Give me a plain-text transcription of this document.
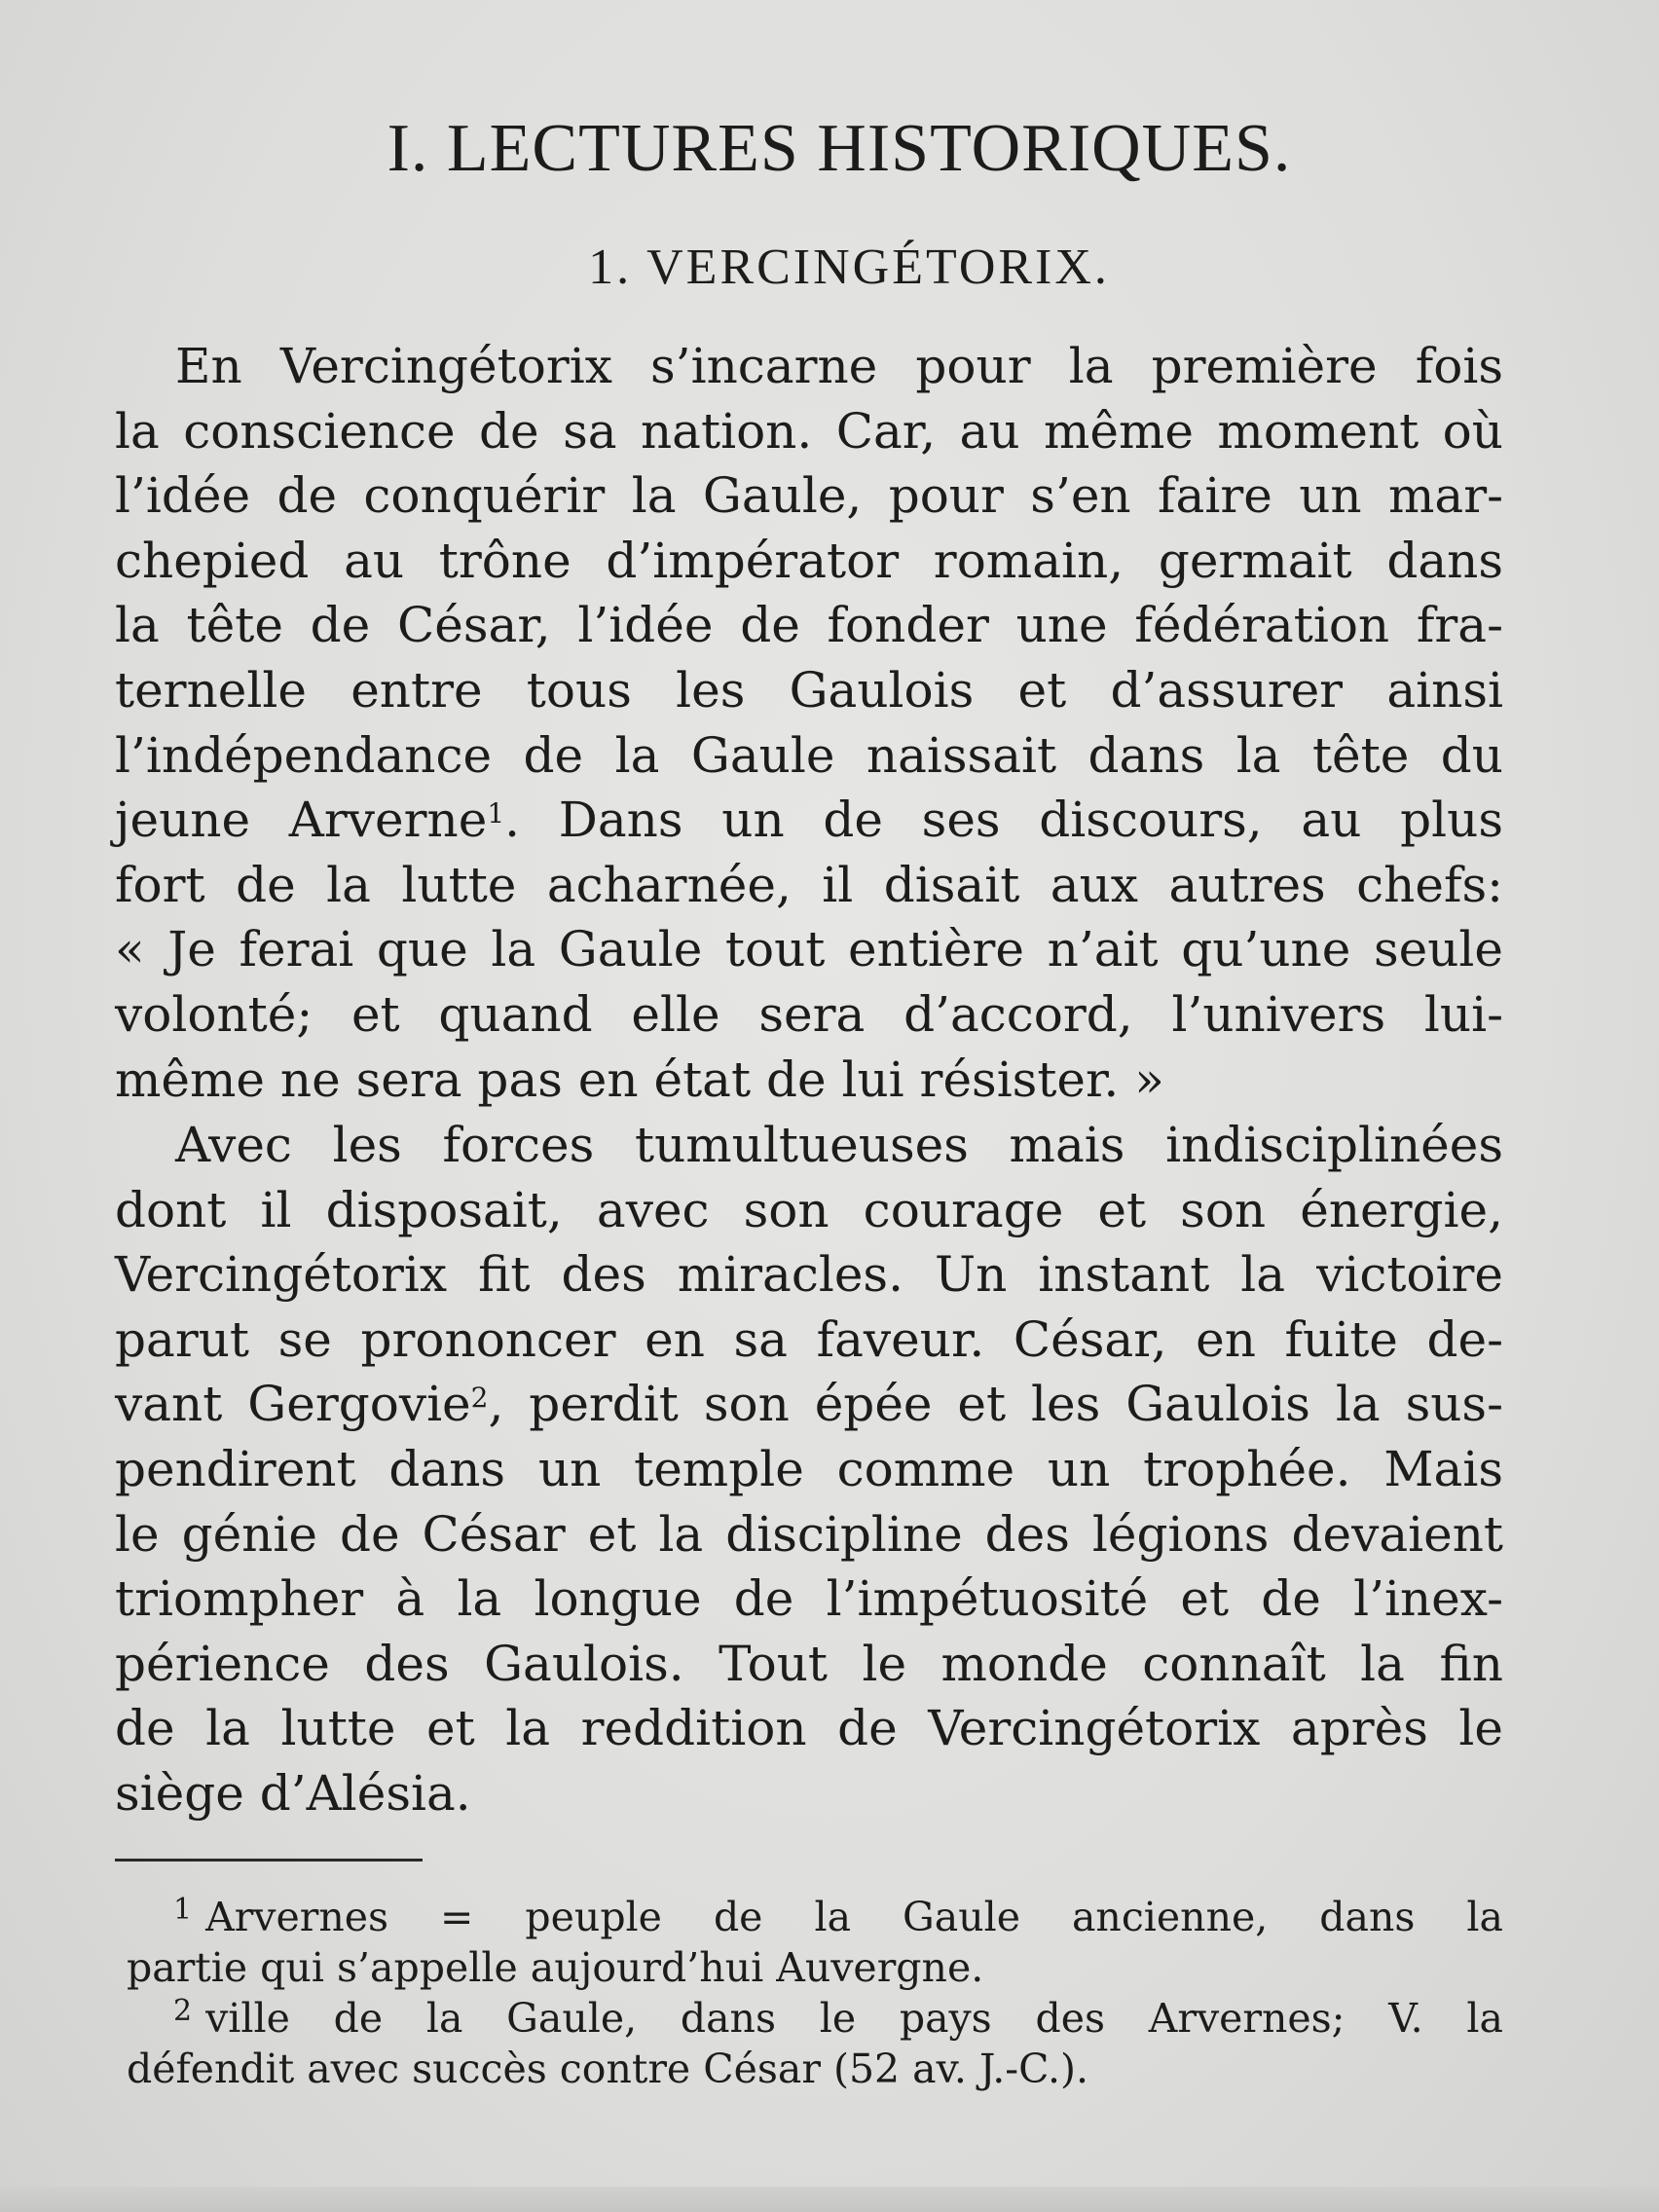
I. LECTURES HISTORIQUES.
1. VERCINGÉTORIX.
En Vercingétorix s’incarne pour la première fois
la conscience de sa nation. Car, au même moment où
l’idée de conquérir la Gaule, pour s’en faire un mar-
chepied au trône d’impérator romain, germait dans
la tête de César, l’idée de fonder une fédération fra-
ternelle entre tous les Gaulois et d’assurer ainsi
l’indépendance de la Gaule naissait dans la tête du
jeune Arverne$^1$. Dans un de ses discours, au plus
fort de la lutte acharnée, il disait aux autres chefs:
« Je ferai que la Gaule tout entière n’ait qu’une seule
volonté; et quand elle sera d’accord, l’univers lui-
même ne sera pas en état de lui résister. »
Avec les forces tumultueuses mais indisciplinées
dont il disposait, avec son courage et son énergie,
Vercingétorix fit des miracles. Un instant la victoire
parut se prononcer en sa faveur. César, en fuite de-
vant Gergovie$^2$, perdit son épée et les Gaulois la sus-
pendirent dans un temple comme un trophée. Mais
le génie de César et la discipline des légions devaient
triompher à la longue de l’impétuosité et de l’inex-
périence des Gaulois. Tout le monde connaît la fin
de la lutte et la reddition de Vercingétorix après le
siège d’Alésia.
$^1$ Arvernes = peuple de la Gaule ancienne, dans la
partie qui s’appelle aujourd’hui Auvergne.
$^2$ ville de la Gaule, dans le pays des Arvernes; V. la
défendit avec succès contre César (52 av. J.-C.).
